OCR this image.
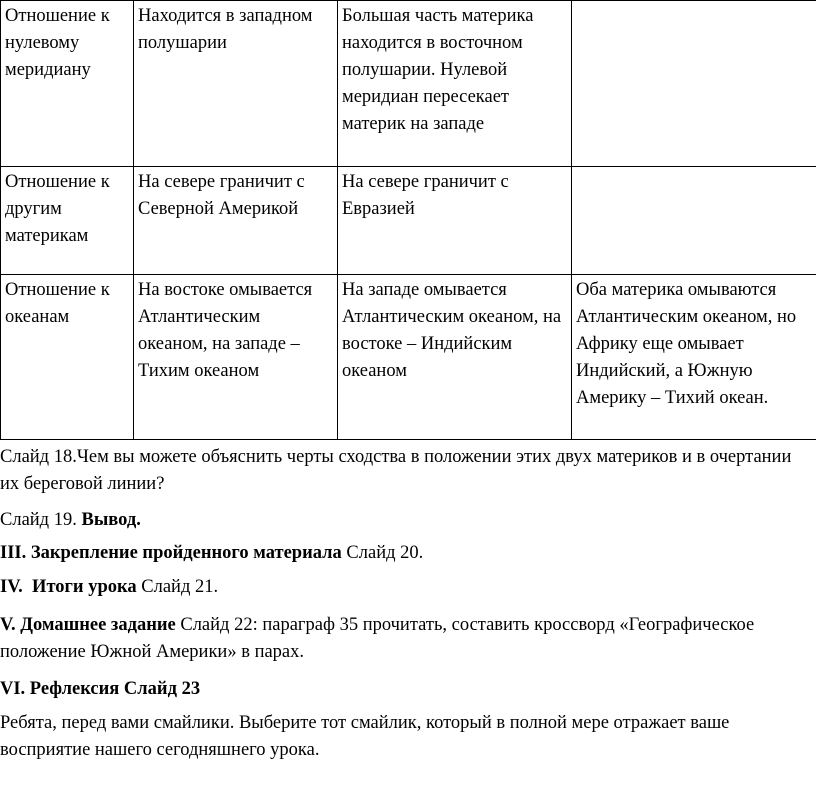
Отношение к нулевому меридиану	Находится в западном полушарии	Большая часть материка находится в восточном полушарии. Нулевой меридиан пересекает материк на западе	
Отношение к другим материкам	На севере граничит с Северной Америкой	На севере граничит с Евразией	
Отношение к океанам	На востоке омывается Атлантическим океаном, на западе – Тихим океаном	На западе омывается Атлантическим океаном, на востоке – Индийским океаном	Оба материка омываются Атлантическим океаном, но Африку еще омывает Индийский, а Южную Америку – Тихий океан.

Слайд 18.Чем вы можете объяснить черты сходства в положении этих двух материков и в очертании их береговой линии?

Слайд 19. Вывод.

III. Закрепление пройденного материала Слайд 20.

IV.  Итоги урока Слайд 21.

V. Домашнее задание Слайд 22: параграф 35 прочитать, составить кроссворд «Географическое положение Южной Америки» в парах.

VI. Рефлексия Слайд 23

Ребята, перед вами смайлики. Выберите тот смайлик, который в полной мере отражает ваше восприятие нашего сегодняшнего урока.
